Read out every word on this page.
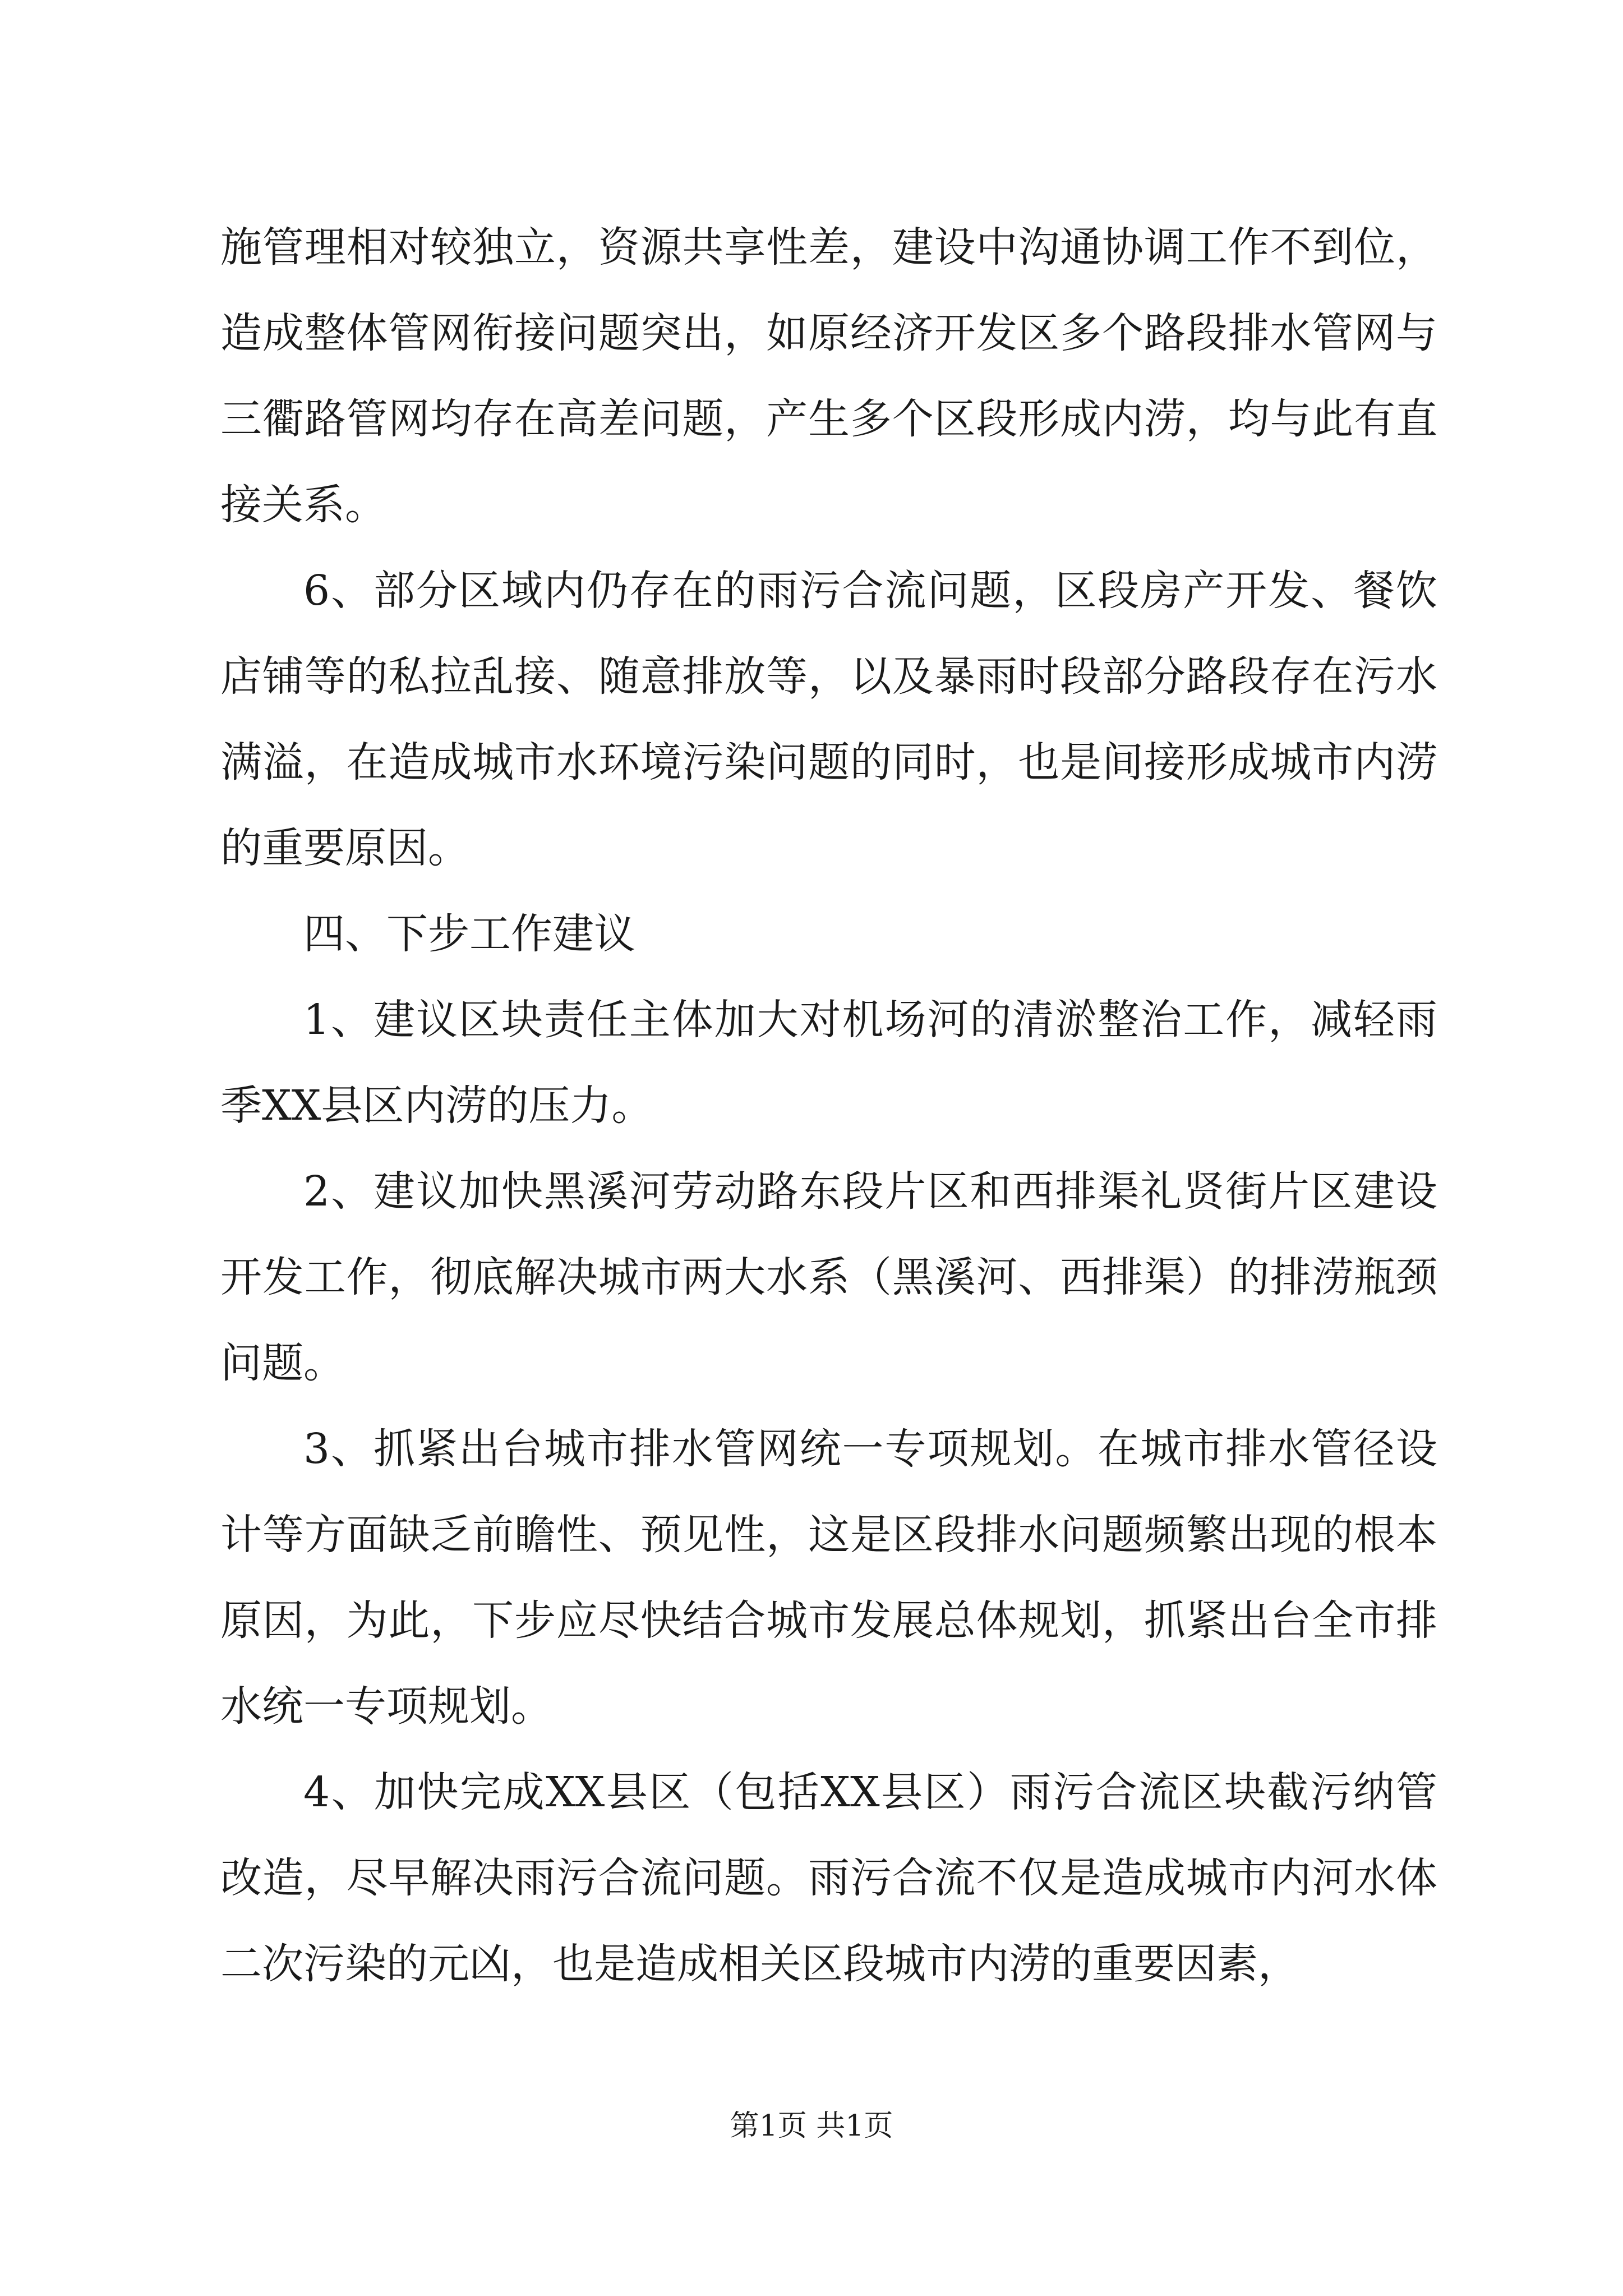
施管理相对较独立，资源共享性差，建设中沟通协调工作不到位，造成整体管网衔接问题突出，如原经济开发区多个路段排水管网与三衢路管网均存在高差问题，产生多个区段形成内涝，均与此有直接关系。

6、部分区域内仍存在的雨污合流问题，区段房产开发、餐饮店铺等的私拉乱接、随意排放等，以及暴雨时段部分路段存在污水满溢，在造成城市水环境污染问题的同时，也是间接形成城市内涝的重要原因。

四、下步工作建议

1、建议区块责任主体加大对机场河的清淤整治工作，减轻雨季XX县区内涝的压力。

2、建议加快黑溪河劳动路东段片区和西排渠礼贤街片区建设开发工作，彻底解决城市两大水系（黑溪河、西排渠）的排涝瓶颈问题。

3、抓紧出台城市排水管网统一专项规划。在城市排水管径设计等方面缺乏前瞻性、预见性，这是区段排水问题频繁出现的根本原因，为此，下步应尽快结合城市发展总体规划，抓紧出台全市排水统一专项规划。

4、加快完成XX县区（包括XX县区）雨污合流区块截污纳管改造，尽早解决雨污合流问题。雨污合流不仅是造成城市内河水体二次污染的元凶，也是造成相关区段城市内涝的重要因素，

第1页 共1页
